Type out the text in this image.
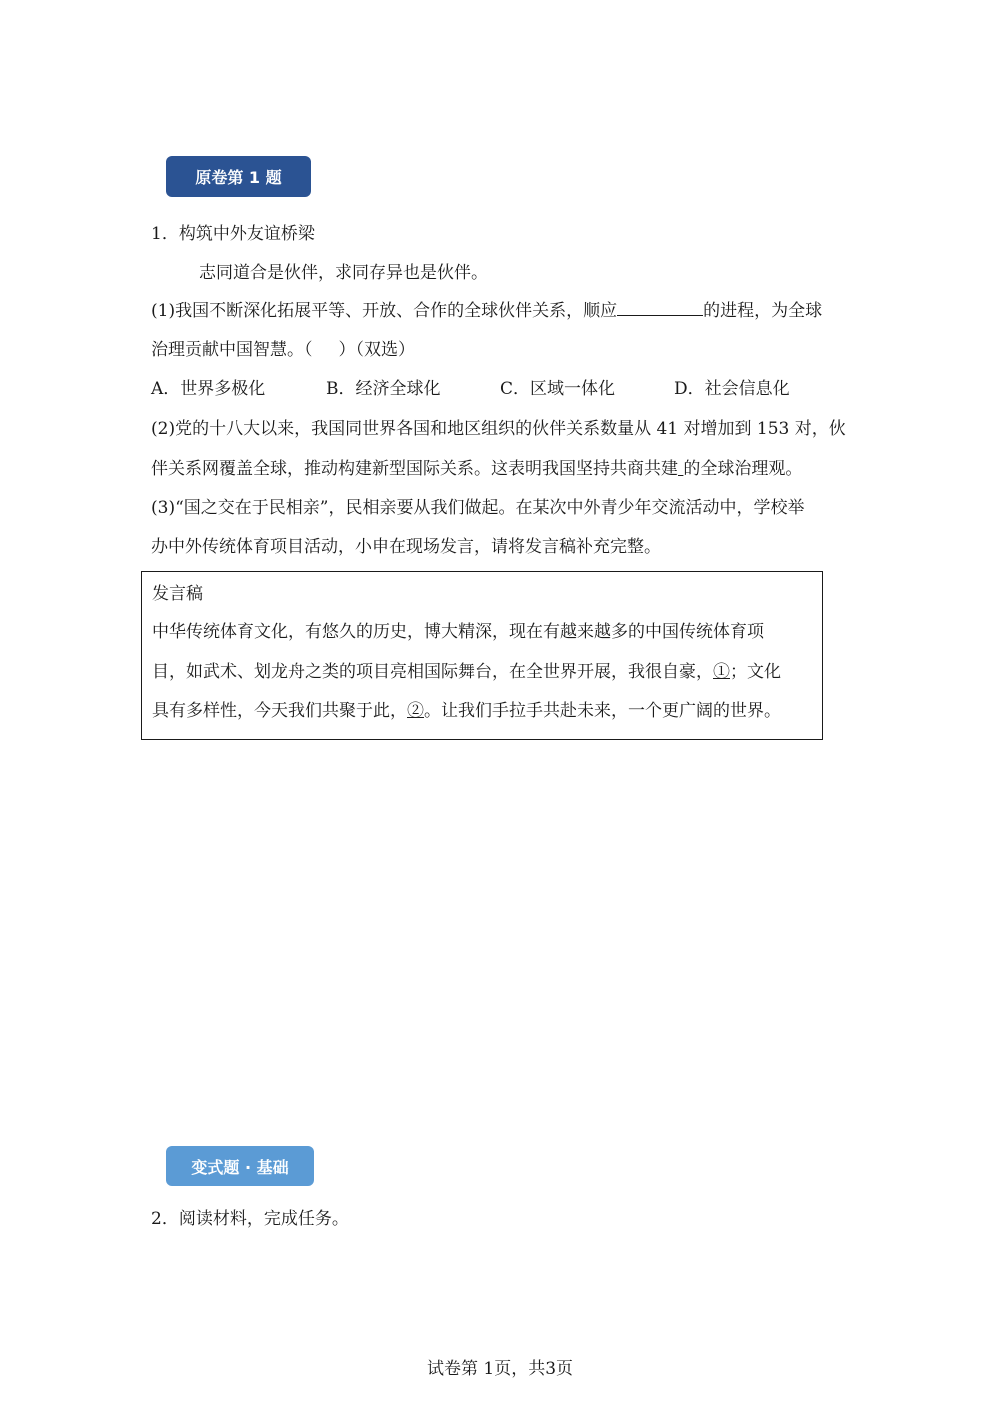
原卷第 1 题
1．构筑中外友谊桥梁
志同道合是伙伴，求同存异也是伙伴。
(1)我国不断深化拓展平等、开放、合作的全球伙伴关系，顺应	的进程，为全球
治理贡献中国智慧。（ ）（双选）
A．世界多极化	B．经济全球化	C．区域一体化	D．社会信息化
(2)党的十八大以来，我国同世界各国和地区组织的伙伴关系数量从 41 对增加到 153 对，伙
伴关系网覆盖全球，推动构建新型国际关系。这表明我国坚持共商共建 的全球治理观。
(3)“国之交在于民相亲”，民相亲要从我们做起。在某次中外青少年交流活动中，学校举
办中外传统体育项目活动，小申在现场发言，请将发言稿补充完整。
发言稿
中华传统体育文化，有悠久的历史，博大精深，现在有越来越多的中国传统体育项
目，如武术、划龙舟之类的项目亮相国际舞台，在全世界开展，我很自豪，①；文化
具有多样性，今天我们共聚于此，②。让我们手拉手共赴未来，一个更广阔的世界。
变式题 · 基础
2．阅读材料，完成任务。
试卷第 1页，共3页
